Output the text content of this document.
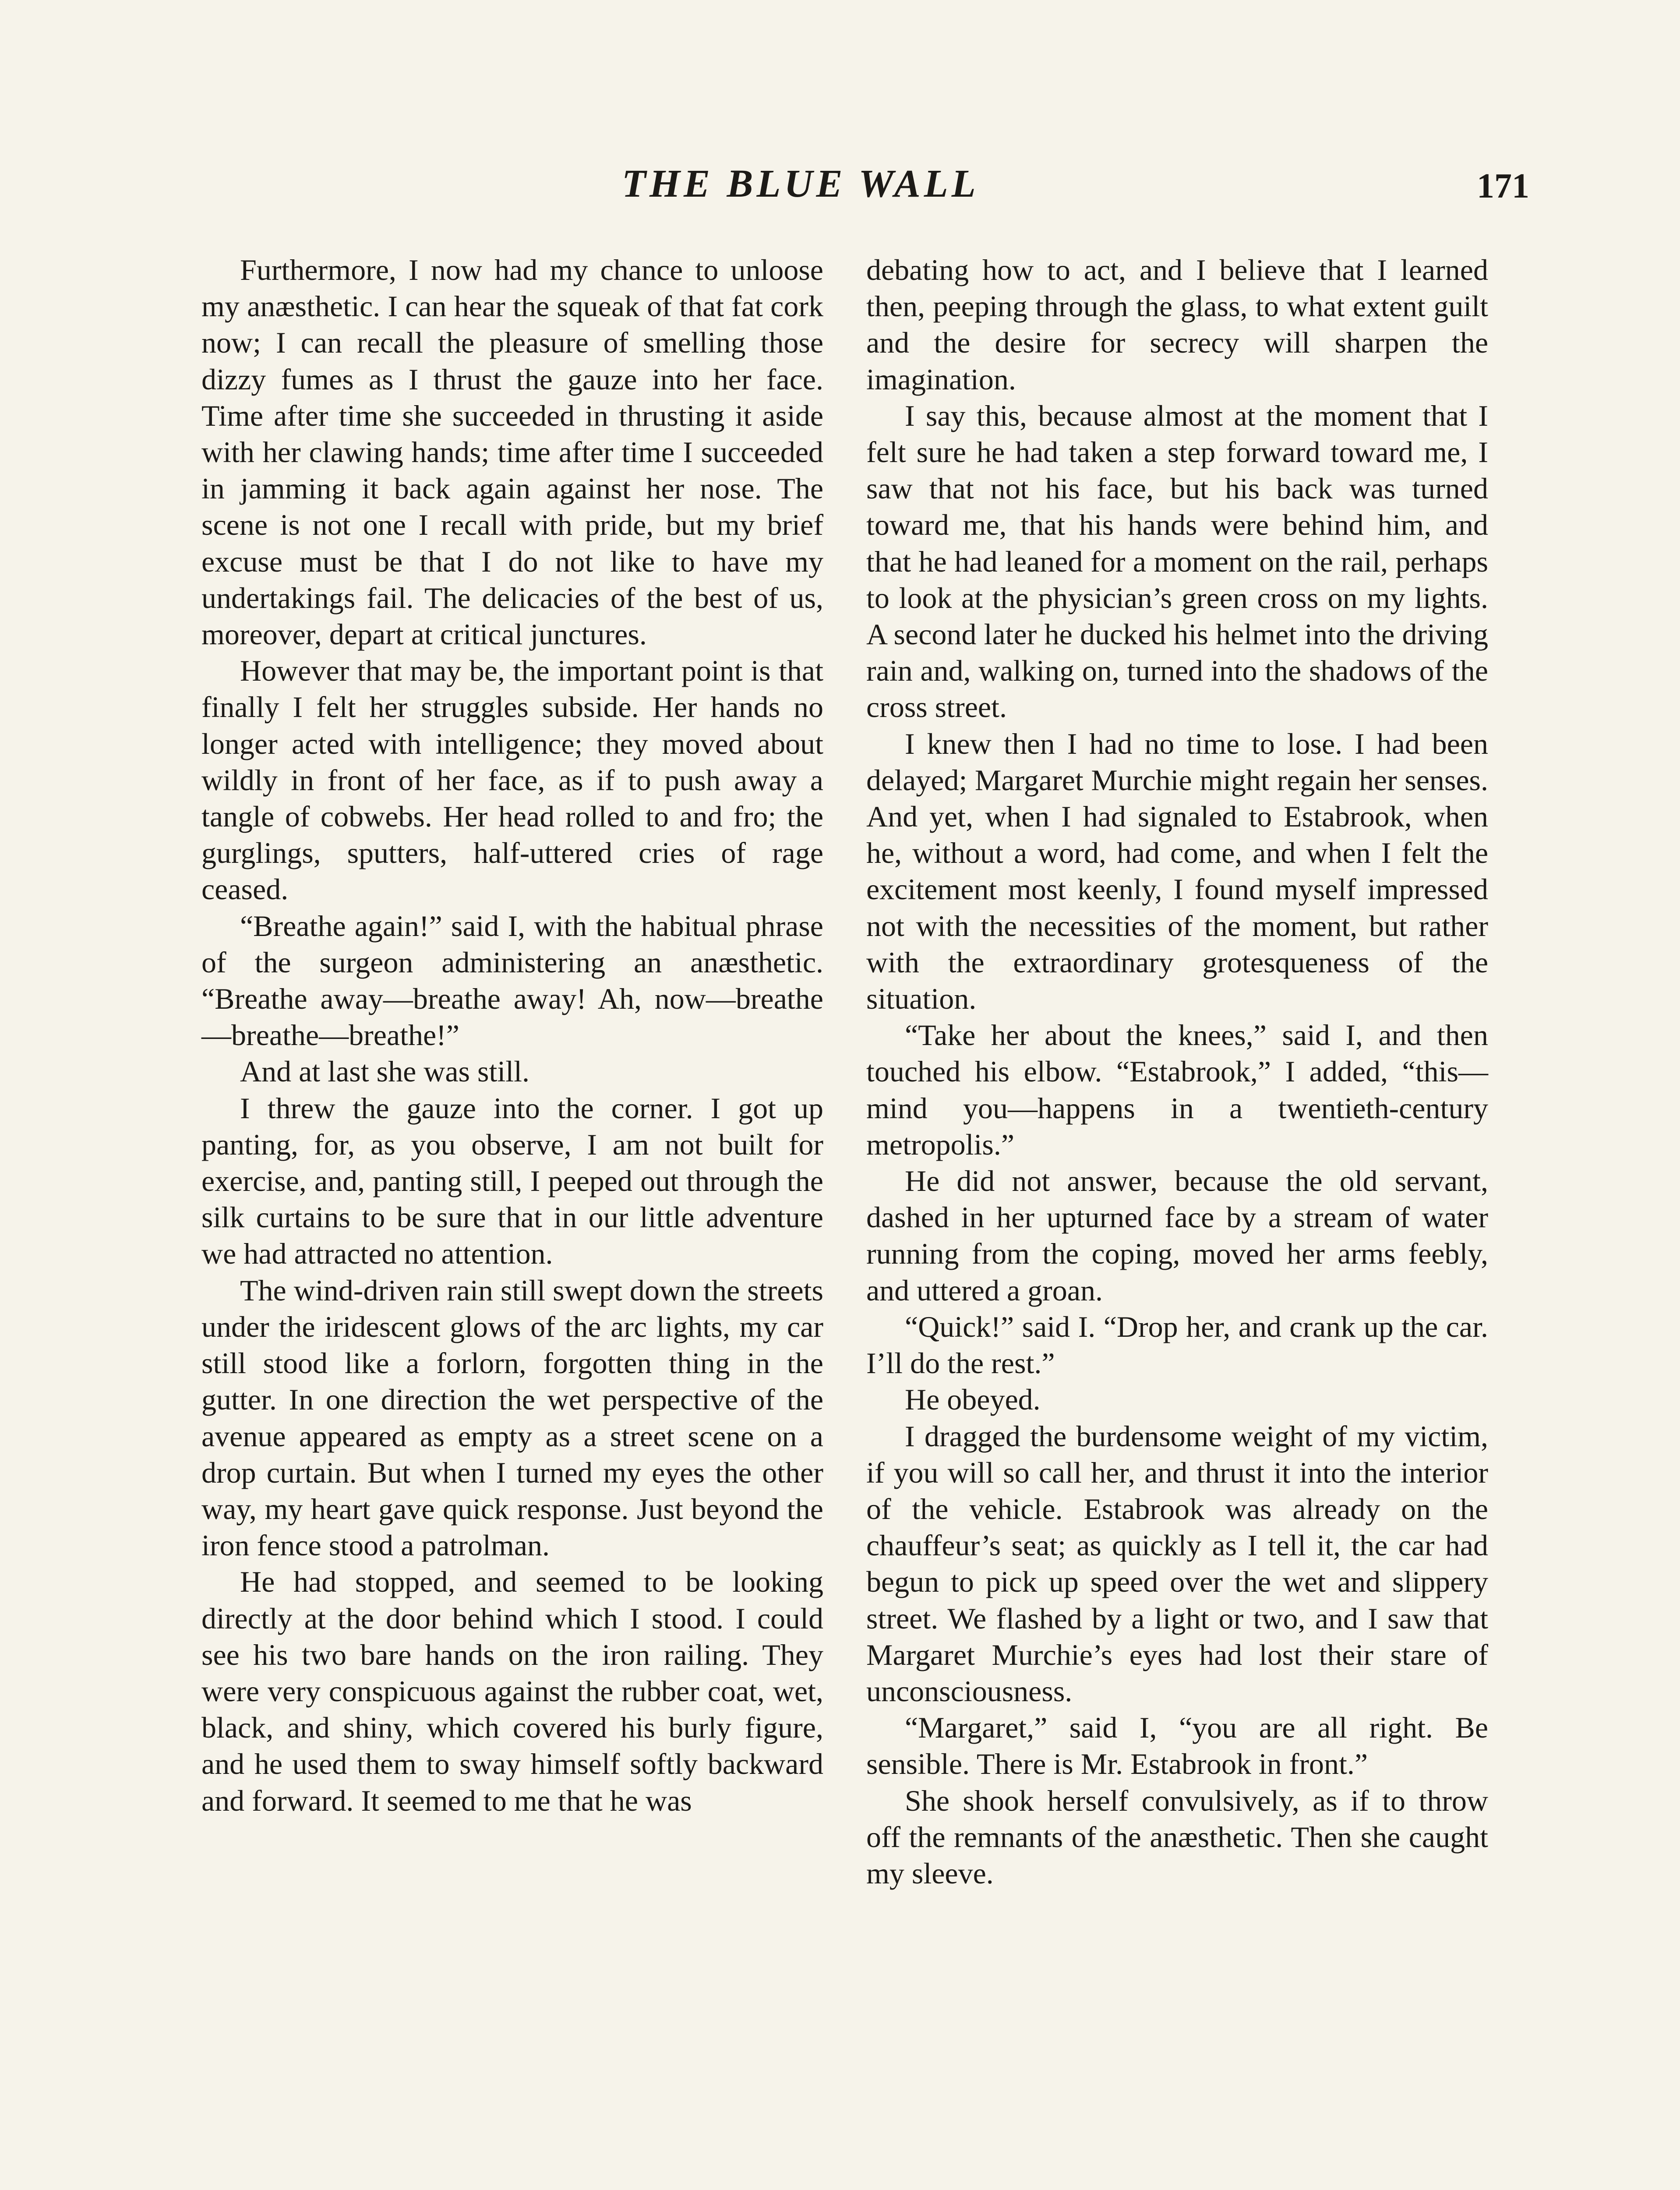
THE BLUE WALL	171

Furthermore, I now had my chance to unloose my anæsthetic. I can hear the squeak of that fat cork now; I can recall the pleasure of smelling those dizzy fumes as I thrust the gauze into her face. Time after time she succeeded in thrusting it aside with her clawing hands; time after time I succeeded in jamming it back again against her nose. The scene is not one I recall with pride, but my brief excuse must be that I do not like to have my undertakings fail. The delicacies of the best of us, moreover, depart at critical junctures.

However that may be, the important point is that finally I felt her struggles subside. Her hands no longer acted with intelligence; they moved about wildly in front of her face, as if to push away a tangle of cobwebs. Her head rolled to and fro; the gurglings, sputters, half-uttered cries of rage ceased.

“Breathe again!” said I, with the habitual phrase of the surgeon administering an anæsthetic. “Breathe away—breathe away! Ah, now—breathe—breathe—breathe!”

And at last she was still.

I threw the gauze into the corner. I got up panting, for, as you observe, I am not built for exercise, and, panting still, I peeped out through the silk curtains to be sure that in our little adventure we had attracted no attention.

The wind-driven rain still swept down the streets under the iridescent glows of the arc lights, my car still stood like a forlorn, forgotten thing in the gutter. In one direction the wet perspective of the avenue appeared as empty as a street scene on a drop curtain. But when I turned my eyes the other way, my heart gave quick response. Just beyond the iron fence stood a patrolman.

He had stopped, and seemed to be looking directly at the door behind which I stood. I could see his two bare hands on the iron railing. They were very conspicuous against the rubber coat, wet, black, and shiny, which covered his burly figure, and he used them to sway himself softly backward and forward. It seemed to me that he was

debating how to act, and I believe that I learned then, peeping through the glass, to what extent guilt and the desire for secrecy will sharpen the imagination.

I say this, because almost at the moment that I felt sure he had taken a step forward toward me, I saw that not his face, but his back was turned toward me, that his hands were behind him, and that he had leaned for a moment on the rail, perhaps to look at the physician’s green cross on my lights. A second later he ducked his helmet into the driving rain and, walking on, turned into the shadows of the cross street.

I knew then I had no time to lose. I had been delayed; Margaret Murchie might regain her senses. And yet, when I had signaled to Estabrook, when he, without a word, had come, and when I felt the excitement most keenly, I found myself impressed not with the necessities of the moment, but rather with the extraordinary grotesqueness of the situation.

“Take her about the knees,” said I, and then touched his elbow. “Estabrook,” I added, “this—mind you—happens in a twentieth-century metropolis.”

He did not answer, because the old servant, dashed in her upturned face by a stream of water running from the coping, moved her arms feebly, and uttered a groan.

“Quick!” said I. “Drop her, and crank up the car. I’ll do the rest.”

He obeyed.

I dragged the burdensome weight of my victim, if you will so call her, and thrust it into the interior of the vehicle. Estabrook was already on the chauffeur’s seat; as quickly as I tell it, the car had begun to pick up speed over the wet and slippery street. We flashed by a light or two, and I saw that Margaret Murchie’s eyes had lost their stare of unconsciousness.

“Margaret,” said I, “you are all right. Be sensible. There is Mr. Estabrook in front.”

She shook herself convulsively, as if to throw off the remnants of the anæsthetic. Then she caught my sleeve.
